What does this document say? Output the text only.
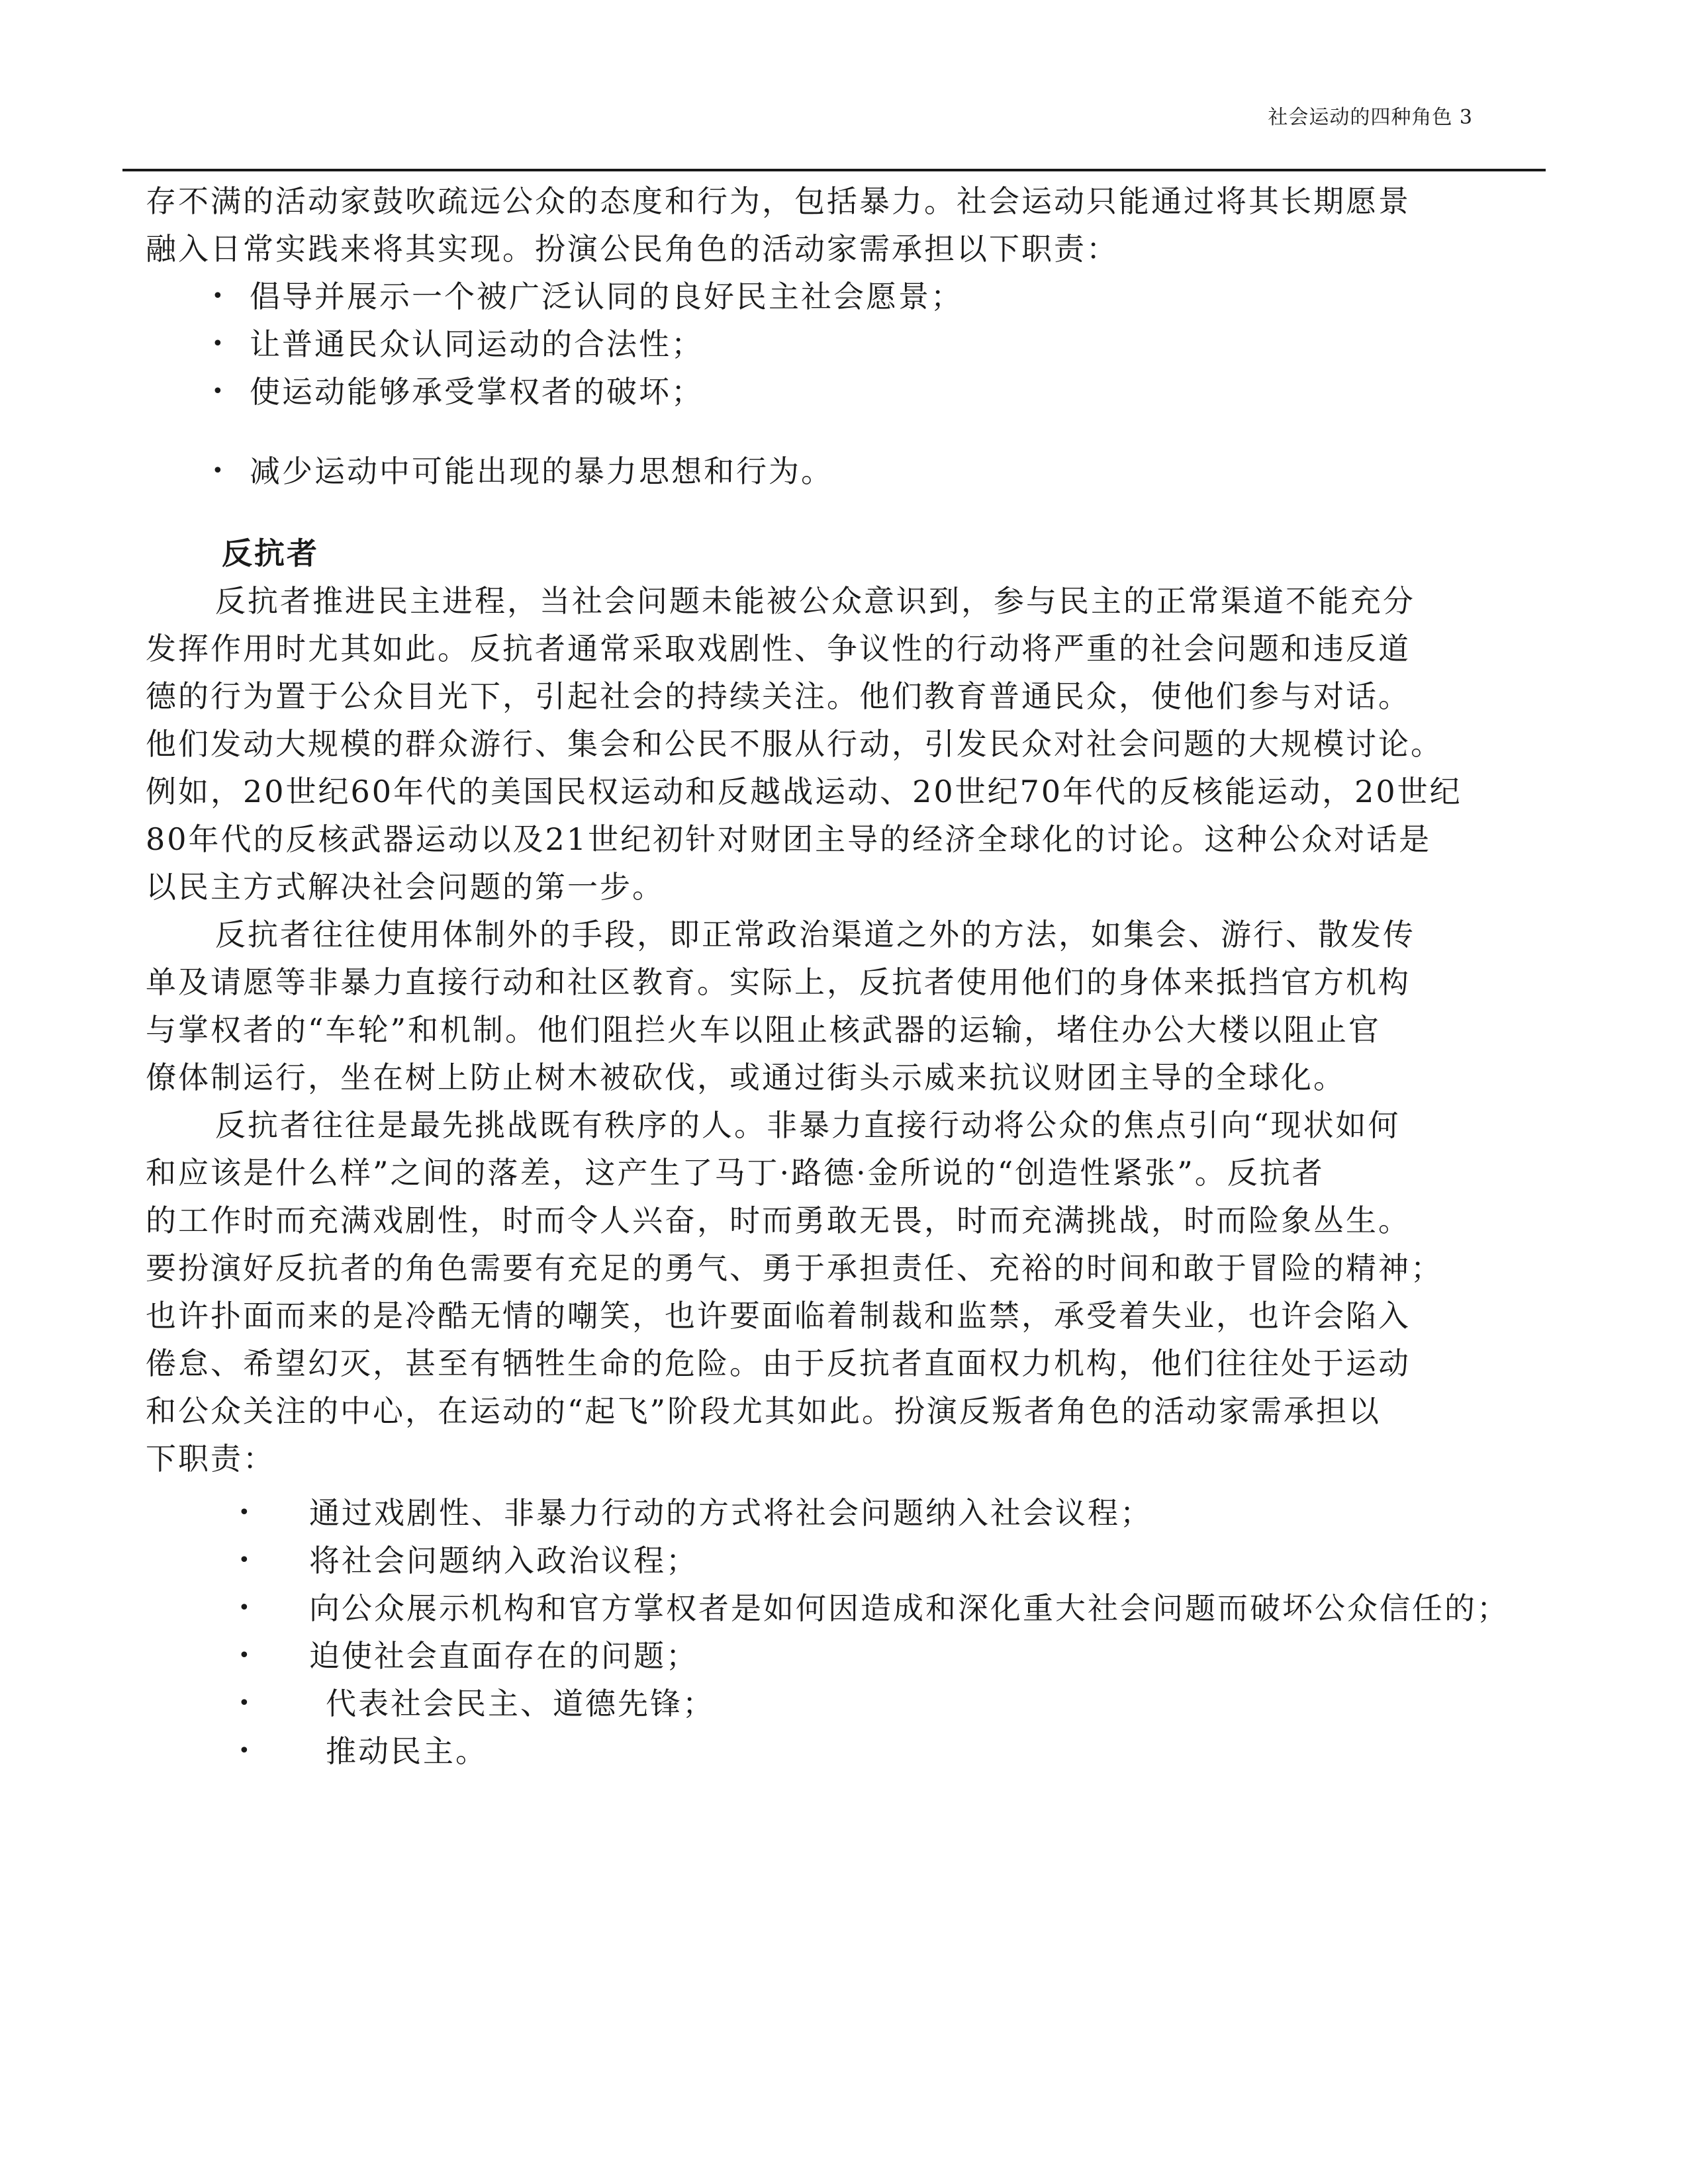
社会运动的四种角色 3
存不满的活动家鼓吹疏远公众的态度和行为，包括暴力。社会运动只能通过将其长期愿景
融入日常实践来将其实现。扮演公民角色的活动家需承担以下职责：
• 倡导并展示一个被广泛认同的良好民主社会愿景；
• 让普通民众认同运动的合法性；
• 使运动能够承受掌权者的破坏；
• 减少运动中可能出现的暴力思想和行为。
反抗者
反抗者推进民主进程，当社会问题未能被公众意识到，参与民主的正常渠道不能充分
发挥作用时尤其如此。反抗者通常采取戏剧性、争议性的行动将严重的社会问题和违反道
德的行为置于公众目光下，引起社会的持续关注。他们教育普通民众，使他们参与对话。
他们发动大规模的群众游行、集会和公民不服从行动，引发民众对社会问题的大规模讨论。
例如，20世纪60年代的美国民权运动和反越战运动、20世纪70年代的反核能运动，20世纪
80年代的反核武器运动以及21世纪初针对财团主导的经济全球化的讨论。这种公众对话是
以民主方式解决社会问题的第一步。
反抗者往往使用体制外的手段，即正常政治渠道之外的方法，如集会、游行、散发传
单及请愿等非暴力直接行动和社区教育。实际上，反抗者使用他们的身体来抵挡官方机构
与掌权者的“车轮”和机制。他们阻拦火车以阻止核武器的运输，堵住办公大楼以阻止官
僚体制运行，坐在树上防止树木被砍伐，或通过街头示威来抗议财团主导的全球化。
反抗者往往是最先挑战既有秩序的人。非暴力直接行动将公众的焦点引向“现状如何
和应该是什么样”之间的落差，这产生了马丁·路德·金所说的“创造性紧张”。反抗者
的工作时而充满戏剧性，时而令人兴奋，时而勇敢无畏，时而充满挑战，时而险象丛生。
要扮演好反抗者的角色需要有充足的勇气、勇于承担责任、充裕的时间和敢于冒险的精神；
也许扑面而来的是冷酷无情的嘲笑，也许要面临着制裁和监禁，承受着失业，也许会陷入
倦怠、希望幻灭，甚至有牺牲生命的危险。由于反抗者直面权力机构，他们往往处于运动
和公众关注的中心，在运动的“起飞”阶段尤其如此。扮演反叛者角色的活动家需承担以
下职责：
• 通过戏剧性、非暴力行动的方式将社会问题纳入社会议程；
• 将社会问题纳入政治议程；
• 向公众展示机构和官方掌权者是如何因造成和深化重大社会问题而破坏公众信任的；
• 迫使社会直面存在的问题；
• 代表社会民主、道德先锋；
• 推动民主。
